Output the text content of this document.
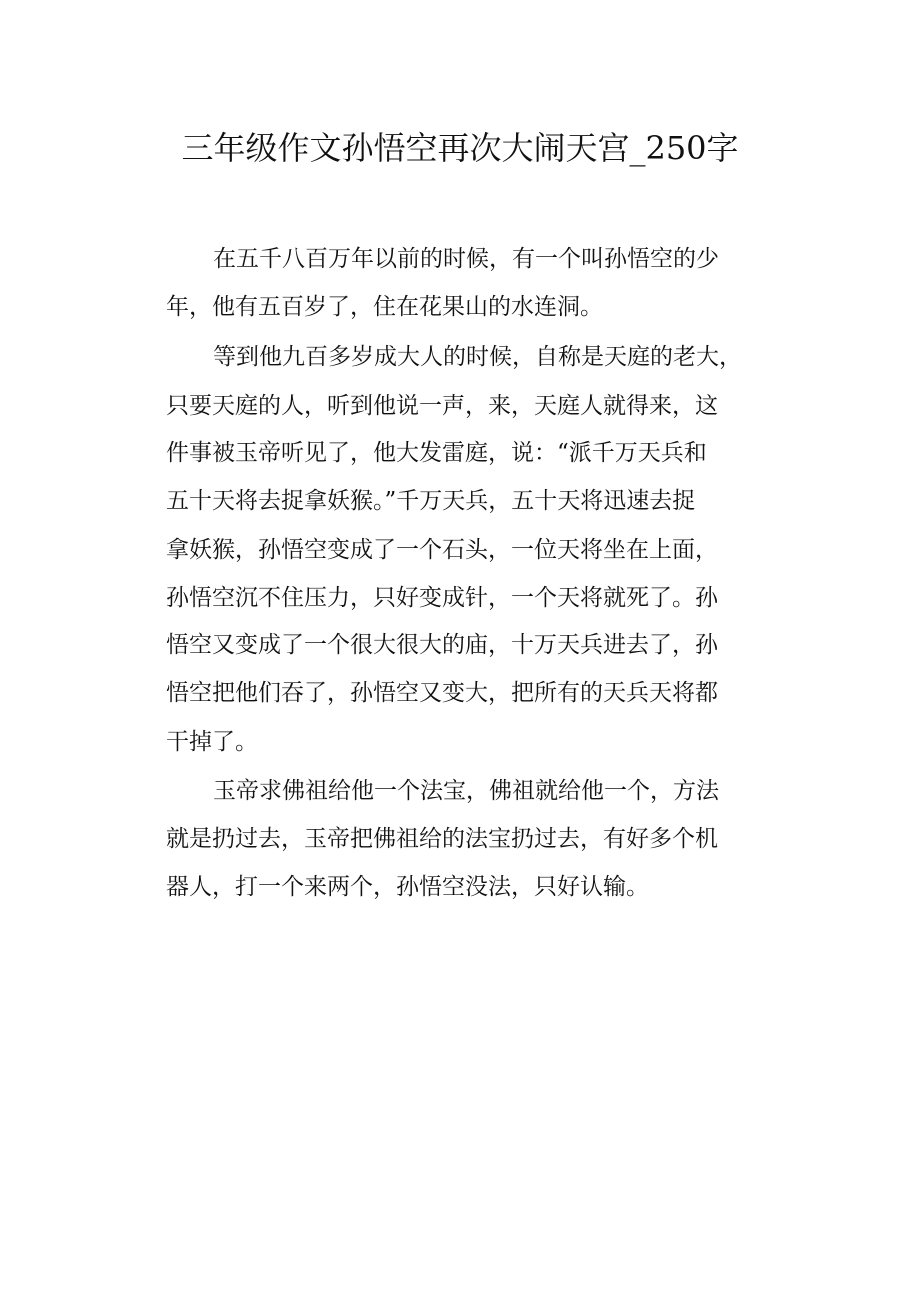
三年级作文孙悟空再次大闹天宫_250字

在五千八百万年以前的时候，有一个叫孙悟空的少

年，他有五百岁了，住在花果山的水连洞。

等到他九百多岁成大人的时候，自称是天庭的老大，

只要天庭的人，听到他说一声，来，天庭人就得来，这

件事被玉帝听见了，他大发雷庭，说：“派千万天兵和

五十天将去捉拿妖猴。”千万天兵，五十天将迅速去捉

拿妖猴，孙悟空变成了一个石头，一位天将坐在上面，

孙悟空沉不住压力，只好变成针，一个天将就死了。孙

悟空又变成了一个很大很大的庙，十万天兵进去了，孙

悟空把他们吞了，孙悟空又变大，把所有的天兵天将都

干掉了。

玉帝求佛祖给他一个法宝，佛祖就给他一个，方法

就是扔过去，玉帝把佛祖给的法宝扔过去，有好多个机

器人，打一个来两个，孙悟空没法，只好认输。
